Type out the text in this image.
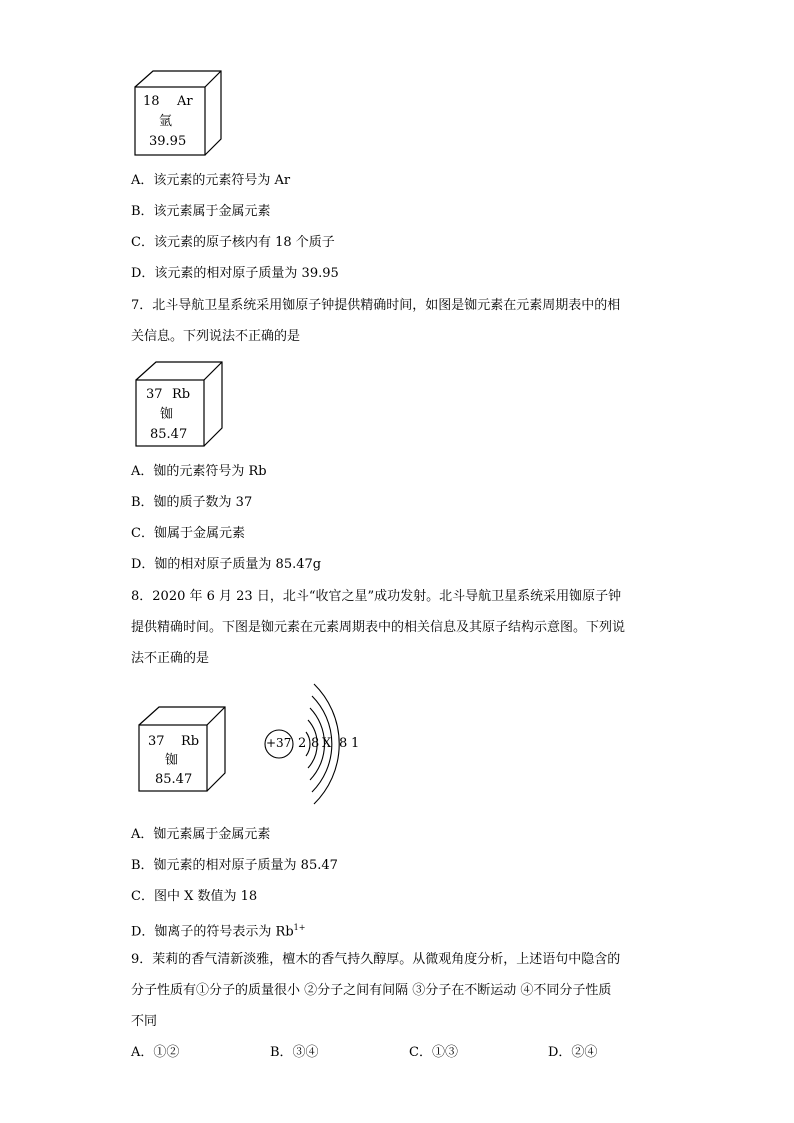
18 Ar
氩
39.95
A．该元素的元素符号为 Ar
B．该元素属于金属元素
C．该元素的原子核内有 18 个质子
D．该元素的相对原子质量为 39.95
7．北斗导航卫星系统采用铷原子钟提供精确时间，如图是铷元素在元素周期表中的相
关信息。下列说法不正确的是
37 Rb
铷
85.47
A．铷的元素符号为 Rb
B．铷的质子数为 37
C．铷属于金属元素
D．铷的相对原子质量为 85.47g
8．2020 年 6 月 23 日，北斗“收官之星”成功发射。北斗导航卫星系统采用铷原子钟
提供精确时间。下图是铷元素在元素周期表中的相关信息及其原子结构示意图。下列说
法不正确的是
37 Rb
铷
85.47
+37 2 8 X 8 1
A．铷元素属于金属元素
B．铷元素的相对原子质量为 85.47
C．图中 X 数值为 18
D．铷离子的符号表示为 $Rb^{1+}$
9．茉莉的香气清新淡雅，檀木的香气持久醇厚。从微观角度分析，上述语句中隐含的
分子性质有①分子的质量很小 ②分子之间有间隔 ③分子在不断运动 ④不同分子性质
不同
A．①②	B．③④	C．①③	D．②④
